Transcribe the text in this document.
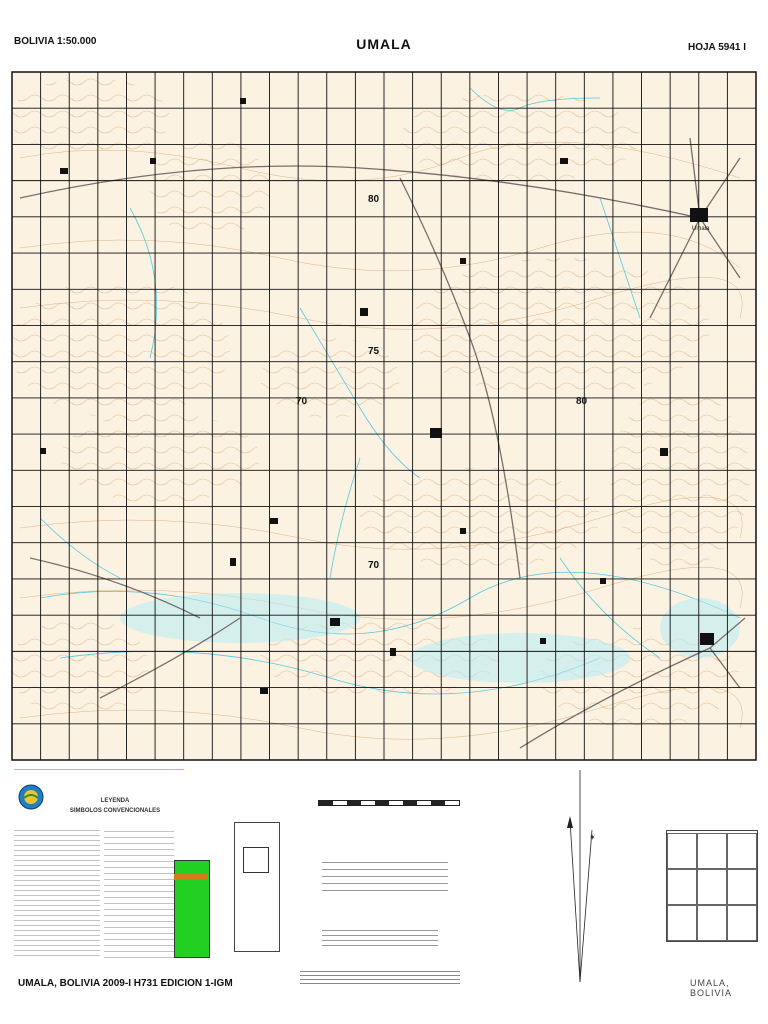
BOLIVIA 1:50.000	UMALA	HOJA 5941 I
80
75
70
80
70
Umala
LEYENDA
SIMBOLOS CONVENCIONALES
✶
UMALA, BOLIVIA 2009-I H731 EDICION 1-IGM	UMALA, BOLIVIA
